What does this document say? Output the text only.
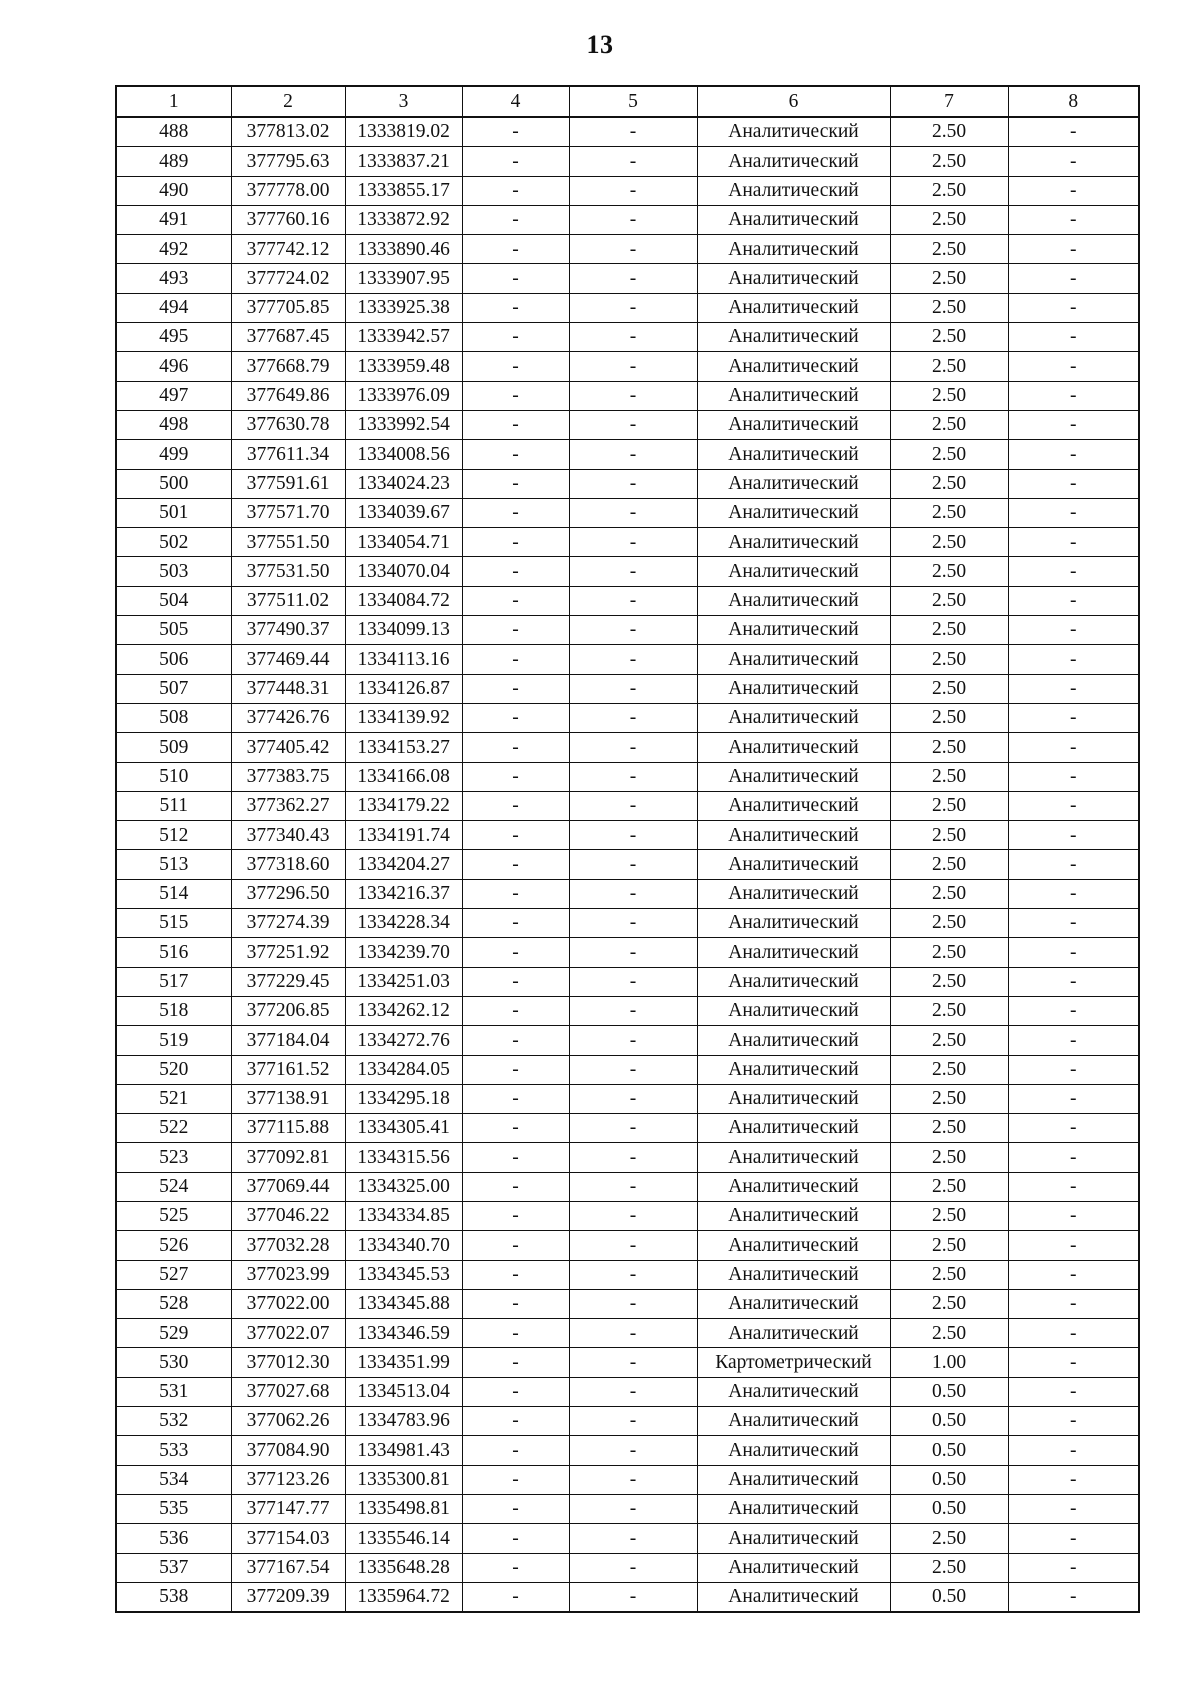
13
1	2	3	4	5	6	7	8
488	377813.02	1333819.02	-	-	Аналитический	2.50	-
489	377795.63	1333837.21	-	-	Аналитический	2.50	-
490	377778.00	1333855.17	-	-	Аналитический	2.50	-
491	377760.16	1333872.92	-	-	Аналитический	2.50	-
492	377742.12	1333890.46	-	-	Аналитический	2.50	-
493	377724.02	1333907.95	-	-	Аналитический	2.50	-
494	377705.85	1333925.38	-	-	Аналитический	2.50	-
495	377687.45	1333942.57	-	-	Аналитический	2.50	-
496	377668.79	1333959.48	-	-	Аналитический	2.50	-
497	377649.86	1333976.09	-	-	Аналитический	2.50	-
498	377630.78	1333992.54	-	-	Аналитический	2.50	-
499	377611.34	1334008.56	-	-	Аналитический	2.50	-
500	377591.61	1334024.23	-	-	Аналитический	2.50	-
501	377571.70	1334039.67	-	-	Аналитический	2.50	-
502	377551.50	1334054.71	-	-	Аналитический	2.50	-
503	377531.50	1334070.04	-	-	Аналитический	2.50	-
504	377511.02	1334084.72	-	-	Аналитический	2.50	-
505	377490.37	1334099.13	-	-	Аналитический	2.50	-
506	377469.44	1334113.16	-	-	Аналитический	2.50	-
507	377448.31	1334126.87	-	-	Аналитический	2.50	-
508	377426.76	1334139.92	-	-	Аналитический	2.50	-
509	377405.42	1334153.27	-	-	Аналитический	2.50	-
510	377383.75	1334166.08	-	-	Аналитический	2.50	-
511	377362.27	1334179.22	-	-	Аналитический	2.50	-
512	377340.43	1334191.74	-	-	Аналитический	2.50	-
513	377318.60	1334204.27	-	-	Аналитический	2.50	-
514	377296.50	1334216.37	-	-	Аналитический	2.50	-
515	377274.39	1334228.34	-	-	Аналитический	2.50	-
516	377251.92	1334239.70	-	-	Аналитический	2.50	-
517	377229.45	1334251.03	-	-	Аналитический	2.50	-
518	377206.85	1334262.12	-	-	Аналитический	2.50	-
519	377184.04	1334272.76	-	-	Аналитический	2.50	-
520	377161.52	1334284.05	-	-	Аналитический	2.50	-
521	377138.91	1334295.18	-	-	Аналитический	2.50	-
522	377115.88	1334305.41	-	-	Аналитический	2.50	-
523	377092.81	1334315.56	-	-	Аналитический	2.50	-
524	377069.44	1334325.00	-	-	Аналитический	2.50	-
525	377046.22	1334334.85	-	-	Аналитический	2.50	-
526	377032.28	1334340.70	-	-	Аналитический	2.50	-
527	377023.99	1334345.53	-	-	Аналитический	2.50	-
528	377022.00	1334345.88	-	-	Аналитический	2.50	-
529	377022.07	1334346.59	-	-	Аналитический	2.50	-
530	377012.30	1334351.99	-	-	Картометрический	1.00	-
531	377027.68	1334513.04	-	-	Аналитический	0.50	-
532	377062.26	1334783.96	-	-	Аналитический	0.50	-
533	377084.90	1334981.43	-	-	Аналитический	0.50	-
534	377123.26	1335300.81	-	-	Аналитический	0.50	-
535	377147.77	1335498.81	-	-	Аналитический	0.50	-
536	377154.03	1335546.14	-	-	Аналитический	2.50	-
537	377167.54	1335648.28	-	-	Аналитический	2.50	-
538	377209.39	1335964.72	-	-	Аналитический	0.50	-
